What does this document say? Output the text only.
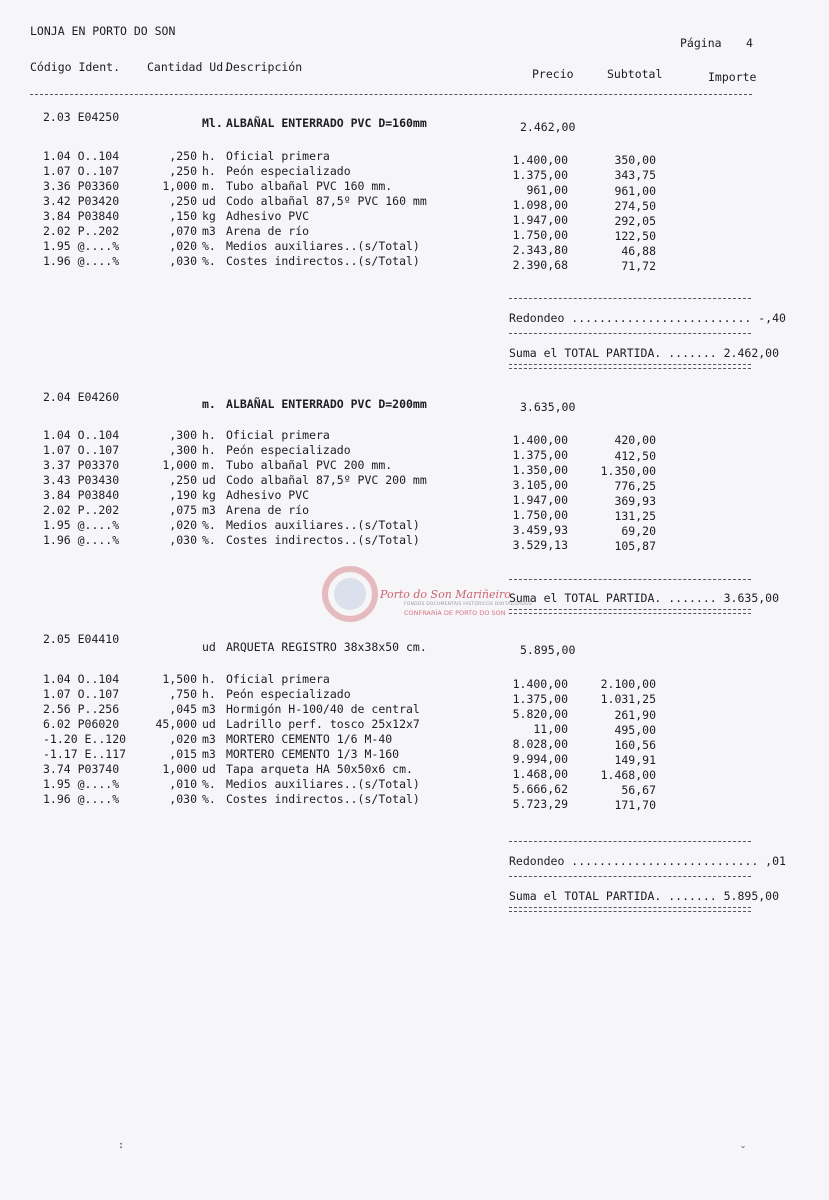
LONJA EN PORTO DO SON
Página 4
Código Ident. Cantidad Ud.
Descripción	Precio	Subtotal	Importe
2.03 E04250	Ml. ALBAÑAL ENTERRADO PVC D=160mm	2.462,00
1.04 O..104	,250 h. Oficial primera	1.400,00	350,00
1.07 O..107	,250 h. Peón especializado	1.375,00	343,75
3.36 P03360	1,000 m. Tubo albañal PVC 160 mm.	961,00	961,00
3.42 P03420	,250 ud Codo albañal 87,5º PVC 160 mm	1.098,00	274,50
3.84 P03840	,150 kg Adhesivo PVC	1.947,00	292,05
2.02 P..202	,070 m3 Arena de río	1.750,00	122,50
1.95 @....%	,020 %. Medios auxiliares..(s/Total)	2.343,80	46,88
1.96 @....%	,030 %. Costes indirectos..(s/Total)	2.390,68	71,72
Redondeo .......................... -,40
Suma el TOTAL PARTIDA. ....... 2.462,00
2.04 E04260	m. ALBAÑAL ENTERRADO PVC D=200mm	3.635,00
1.04 O..104	,300 h. Oficial primera	1.400,00	420,00
1.07 O..107	,300 h. Peón especializado	1.375,00	412,50
3.37 P03370	1,000 m. Tubo albañal PVC 200 mm.	1.350,00	1.350,00
3.43 P03430	,250 ud Codo albañal 87,5º PVC 200 mm	3.105,00	776,25
3.84 P03840	,190 kg Adhesivo PVC	1.947,00	369,93
2.02 P..202	,075 m3 Arena de río	1.750,00	131,25
1.95 @....%	,020 %. Medios auxiliares..(s/Total)	3.459,93	69,20
1.96 @....%	,030 %. Costes indirectos..(s/Total)	3.529,13	105,87
Suma el TOTAL PARTIDA. ....... 3.635,00
Porto do Son Mariñeiro
FONDOS DOCUMENTAIS HISTÓRICOS DIXITALIZADOS
CONFRARÍA DE PORTO DO SON
2.05 E04410
ud ARQUETA REGISTRO 38x38x50 cm.	5.895,00
1.04 O..104	1,500 h. Oficial primera	1.400,00	2.100,00
1.07 O..107	,750 h. Peón especializado	1.375,00	1.031,25
2.56 P..256	,045 m3 Hormigón H-100/40 de central	5.820,00	261,90
6.02 P06020	45,000 ud Ladrillo perf. tosco 25x12x7	11,00	495,00
-1.20 E..120	,020 m3 MORTERO CEMENTO 1/6 M-40	8.028,00	160,56
-1.17 E..117	,015 m3 MORTERO CEMENTO 1/3 M-160	9.994,00	149,91
3.74 P03740	1,000 ud Tapa arqueta HA 50x50x6 cm.	1.468,00	1.468,00
1.95 @....%	,010 %. Medios auxiliares..(s/Total)	5.666,62	56,67
1.96 @....%	,030 %. Costes indirectos..(s/Total)	5.723,29	171,70
Redondeo ........................... ,01
Suma el TOTAL PARTIDA. ....... 5.895,00
:
˘
